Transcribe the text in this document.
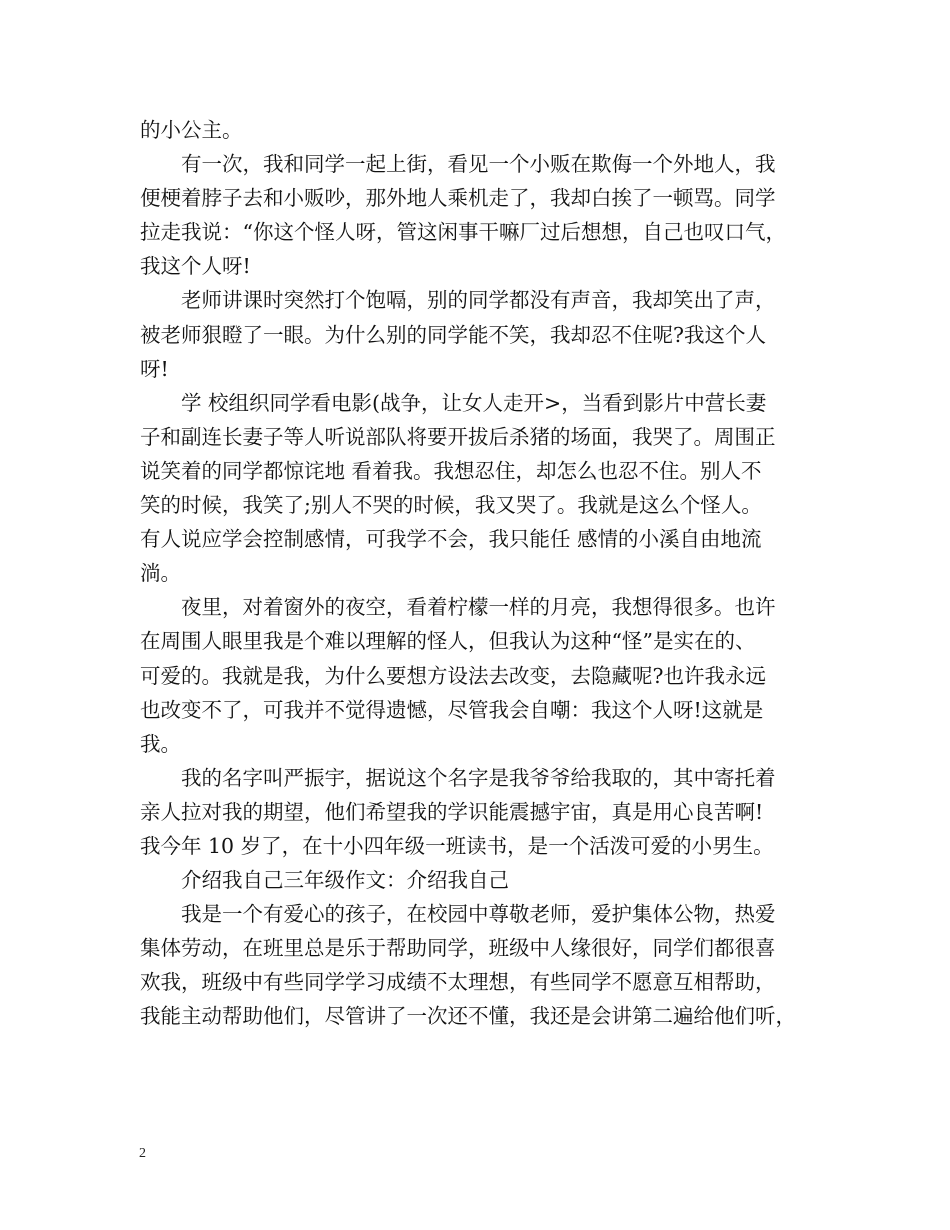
的小公主。
有一次，我和同学一起上街，看见一个小贩在欺侮一个外地人，我
便梗着脖子去和小贩吵，那外地人乘机走了，我却白挨了一顿骂。同学
拉走我说：“你这个怪人呀，管这闲事干嘛厂过后想想，自己也叹口气，
我这个人呀!
老师讲课时突然打个饱嗝，别的同学都没有声音，我却笑出了声，
被老师狠瞪了一眼。为什么别的同学能不笑，我却忍不住呢?我这个人
呀!
学 校组织同学看电影(战争，让女人走开>，当看到影片中营长妻
子和副连长妻子等人听说部队将要开拔后杀猪的场面，我哭了。周围正
说笑着的同学都惊诧地 看着我。我想忍住，却怎么也忍不住。别人不
笑的时候，我笑了;别人不哭的时候，我又哭了。我就是这么个怪人。
有人说应学会控制感情，可我学不会，我只能任 感情的小溪自由地流
淌。
夜里，对着窗外的夜空，看着柠檬一样的月亮，我想得很多。也许
在周围人眼里我是个难以理解的怪人，但我认为这种“怪”是实在的、
可爱的。我就是我，为什么要想方设法去改变，去隐藏呢?也许我永远
也改变不了，可我并不觉得遗憾，尽管我会自嘲：我这个人呀!这就是
我。
我的名字叫严振宇，据说这个名字是我爷爷给我取的，其中寄托着
亲人拉对我的期望，他们希望我的学识能震撼宇宙，真是用心良苦啊!
我今年 10 岁了，在十小四年级一班读书，是一个活泼可爱的小男生。
介绍我自己三年级作文：介绍我自己
我是一个有爱心的孩子，在校园中尊敬老师，爱护集体公物，热爱
集体劳动，在班里总是乐于帮助同学，班级中人缘很好，同学们都很喜
欢我，班级中有些同学学习成绩不太理想，有些同学不愿意互相帮助，
我能主动帮助他们，尽管讲了一次还不懂，我还是会讲第二遍给他们听，
2
